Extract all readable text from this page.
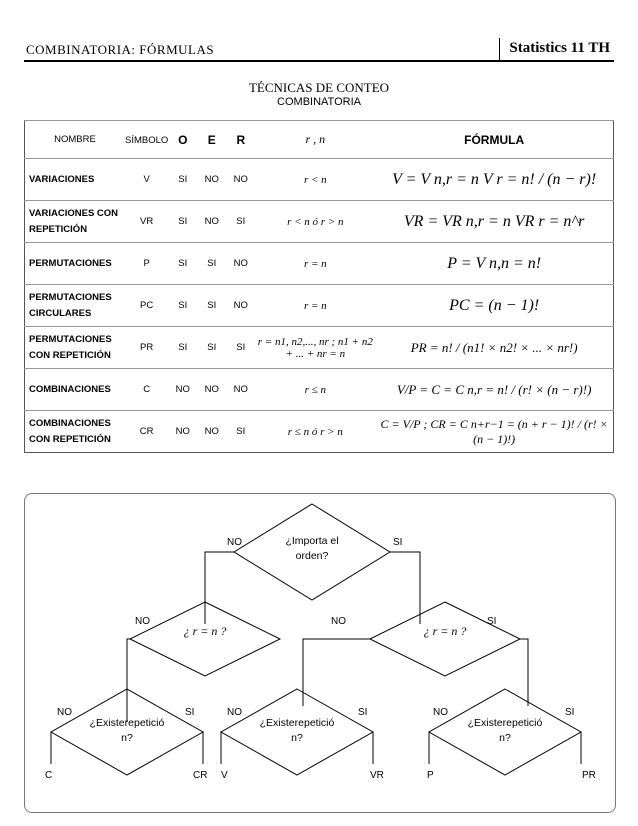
COMBINATORIA: FÓRMULAS	Statistics 11 TH
TÉCNICAS DE CONTEO
COMBINATORIA
NOMBRE	SÍMBOLO	O	E	R	r , n	FÓRMULA
VARIACIONES	V	SI	NO	NO	r < n	V = V n,r = n V r = n! / (n − r)!
VARIACIONES CON REPETICIÓN	VR	SI	NO	SI	r < n ó r > n	VR = VR n,r = n VR r = n^r
PERMUTACIONES	P	SI	SI	NO	r = n	P = V n,n = n!
PERMUTACIONES CIRCULARES	PC	SI	SI	NO	r = n	PC = (n − 1)!
PERMUTACIONES CON REPETICIÓN	PR	SI	SI	SI	r = n1, n2,..., nr ; n1 + n2 + ... + nr = n	PR = n! / (n1! × n2! × ... × nr!)
COMBINACIONES	C	NO	NO	NO	r ≤ n	V/P = C = C n,r = n! / (r! × (n − r)!)
COMBINACIONES CON REPETICIÓN	CR	NO	NO	SI	r ≤ n ó r > n	C = V/P ; CR = C n+r−1 = (n + r − 1)! / (r! × (n − 1)!)
¿Importa el
orden?
NO	SI
¿ r = n ?
NO
¿ r = n ?
NO	SI
¿Existerepetició
n?
NO	SI
C	CR
¿Existerepetició
n?
NO	SI
V	VR
¿Existerepetició
n?
NO	SI
P	PR
